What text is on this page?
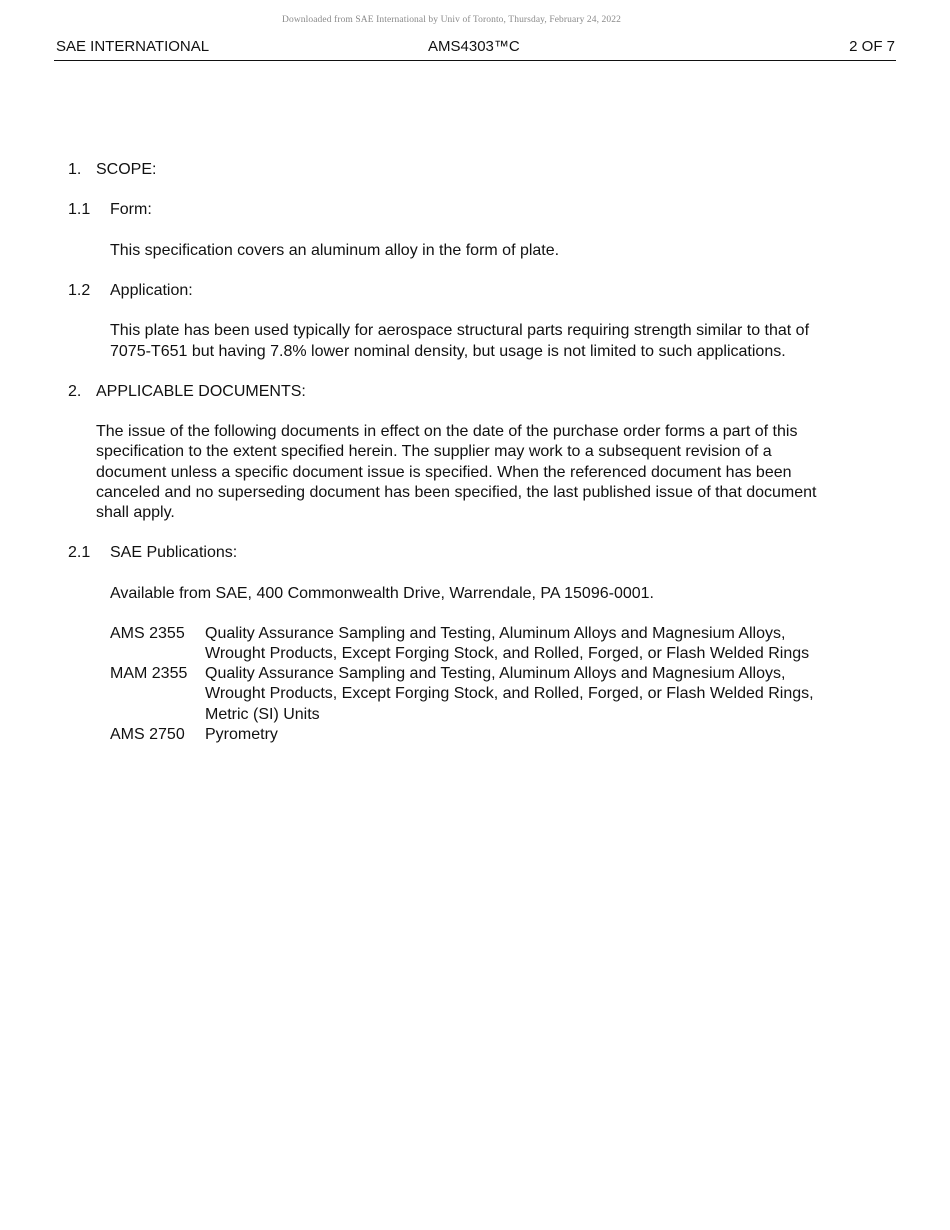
Downloaded from SAE International by Univ of Toronto, Thursday, February 24, 2022
SAE INTERNATIONAL	AMS4303™C	2 OF 7
1. SCOPE:
1.1 Form:
This specification covers an aluminum alloy in the form of plate.
1.2 Application:
This plate has been used typically for aerospace structural parts requiring strength similar to that of
7075-T651 but having 7.8% lower nominal density, but usage is not limited to such applications.
2. APPLICABLE DOCUMENTS:
The issue of the following documents in effect on the date of the purchase order forms a part of this
specification to the extent specified herein. The supplier may work to a subsequent revision of a
document unless a specific document issue is specified. When the referenced document has been
canceled and no superseding document has been specified, the last published issue of that document
shall apply.
2.1 SAE Publications:
Available from SAE, 400 Commonwealth Drive, Warrendale, PA 15096-0001.
AMS 2355 Quality Assurance Sampling and Testing, Aluminum Alloys and Magnesium Alloys,
Wrought Products, Except Forging Stock, and Rolled, Forged, or Flash Welded Rings
MAM 2355 Quality Assurance Sampling and Testing, Aluminum Alloys and Magnesium Alloys,
Wrought Products, Except Forging Stock, and Rolled, Forged, or Flash Welded Rings,
Metric (SI) Units
AMS 2750 Pyrometry
